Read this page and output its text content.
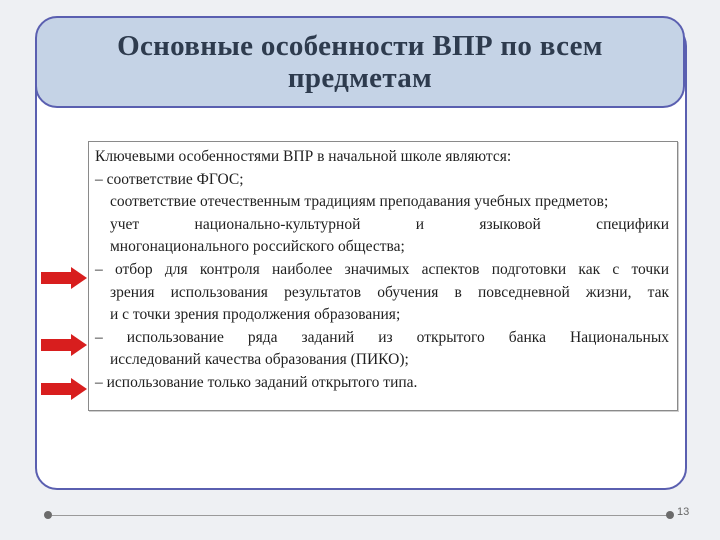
Основные особенности ВПР по всем предметам

Ключевыми особенностями ВПР в начальной школе являются:

– соответствие ФГОС;

соответствие отечественным традициям преподавания учебных предметов;

учет национально-культурной и языковой специфики

многонационального российского общества;

– отбор для контроля наиболее значимых аспектов подготовки как с точки

зрения использования результатов обучения в повседневной жизни, так

и с точки зрения продолжения образования;

– использование ряда заданий из открытого банка Национальных

исследований качества образования (ПИКО);

– использование только заданий открытого типа.

13
